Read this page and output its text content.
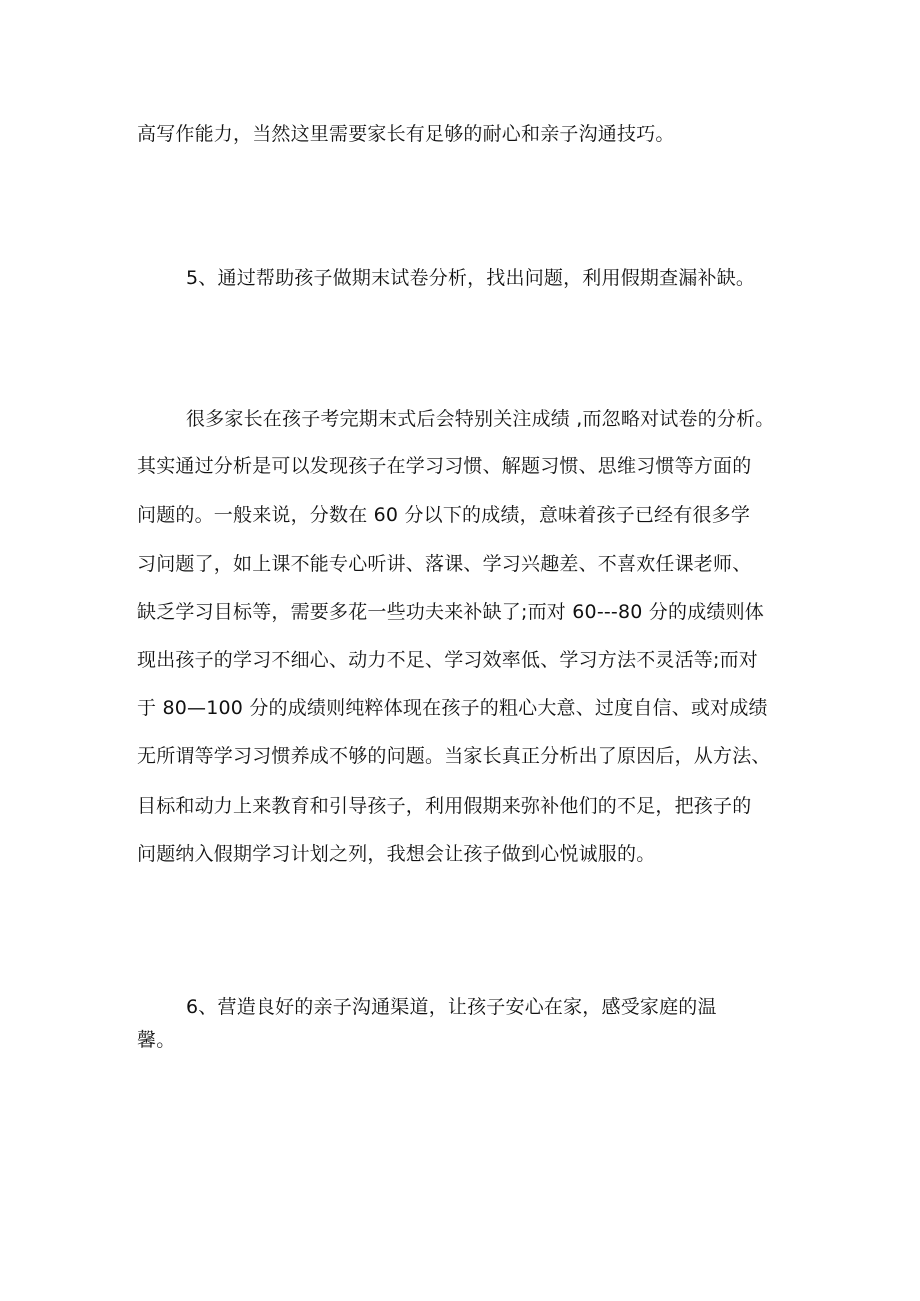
高写作能力，当然这里需要家长有足够的耐心和亲子沟通技巧。
5、通过帮助孩子做期末试卷分析，找出问题，利用假期查漏补缺。
很多家长在孩子考完期末式后会特别关注成绩 ,而忽略对试卷的分析。
其实通过分析是可以发现孩子在学习习惯、解题习惯、思维习惯等方面的
问题的。一般来说，分数在 60 分以下的成绩，意味着孩子已经有很多学
习问题了，如上课不能专心听讲、落课、学习兴趣差、不喜欢任课老师、
缺乏学习目标等，需要多花一些功夫来补缺了;而对 60---80 分的成绩则体
现出孩子的学习不细心、动力不足、学习效率低、学习方法不灵活等;而对
于 80—100 分的成绩则纯粹体现在孩子的粗心大意、过度自信、或对成绩
无所谓等学习习惯养成不够的问题。当家长真正分析出了原因后，从方法、
目标和动力上来教育和引导孩子，利用假期来弥补他们的不足，把孩子的
问题纳入假期学习计划之列，我想会让孩子做到心悦诚服的。
6、营造良好的亲子沟通渠道，让孩子安心在家，感受家庭的温
馨。
